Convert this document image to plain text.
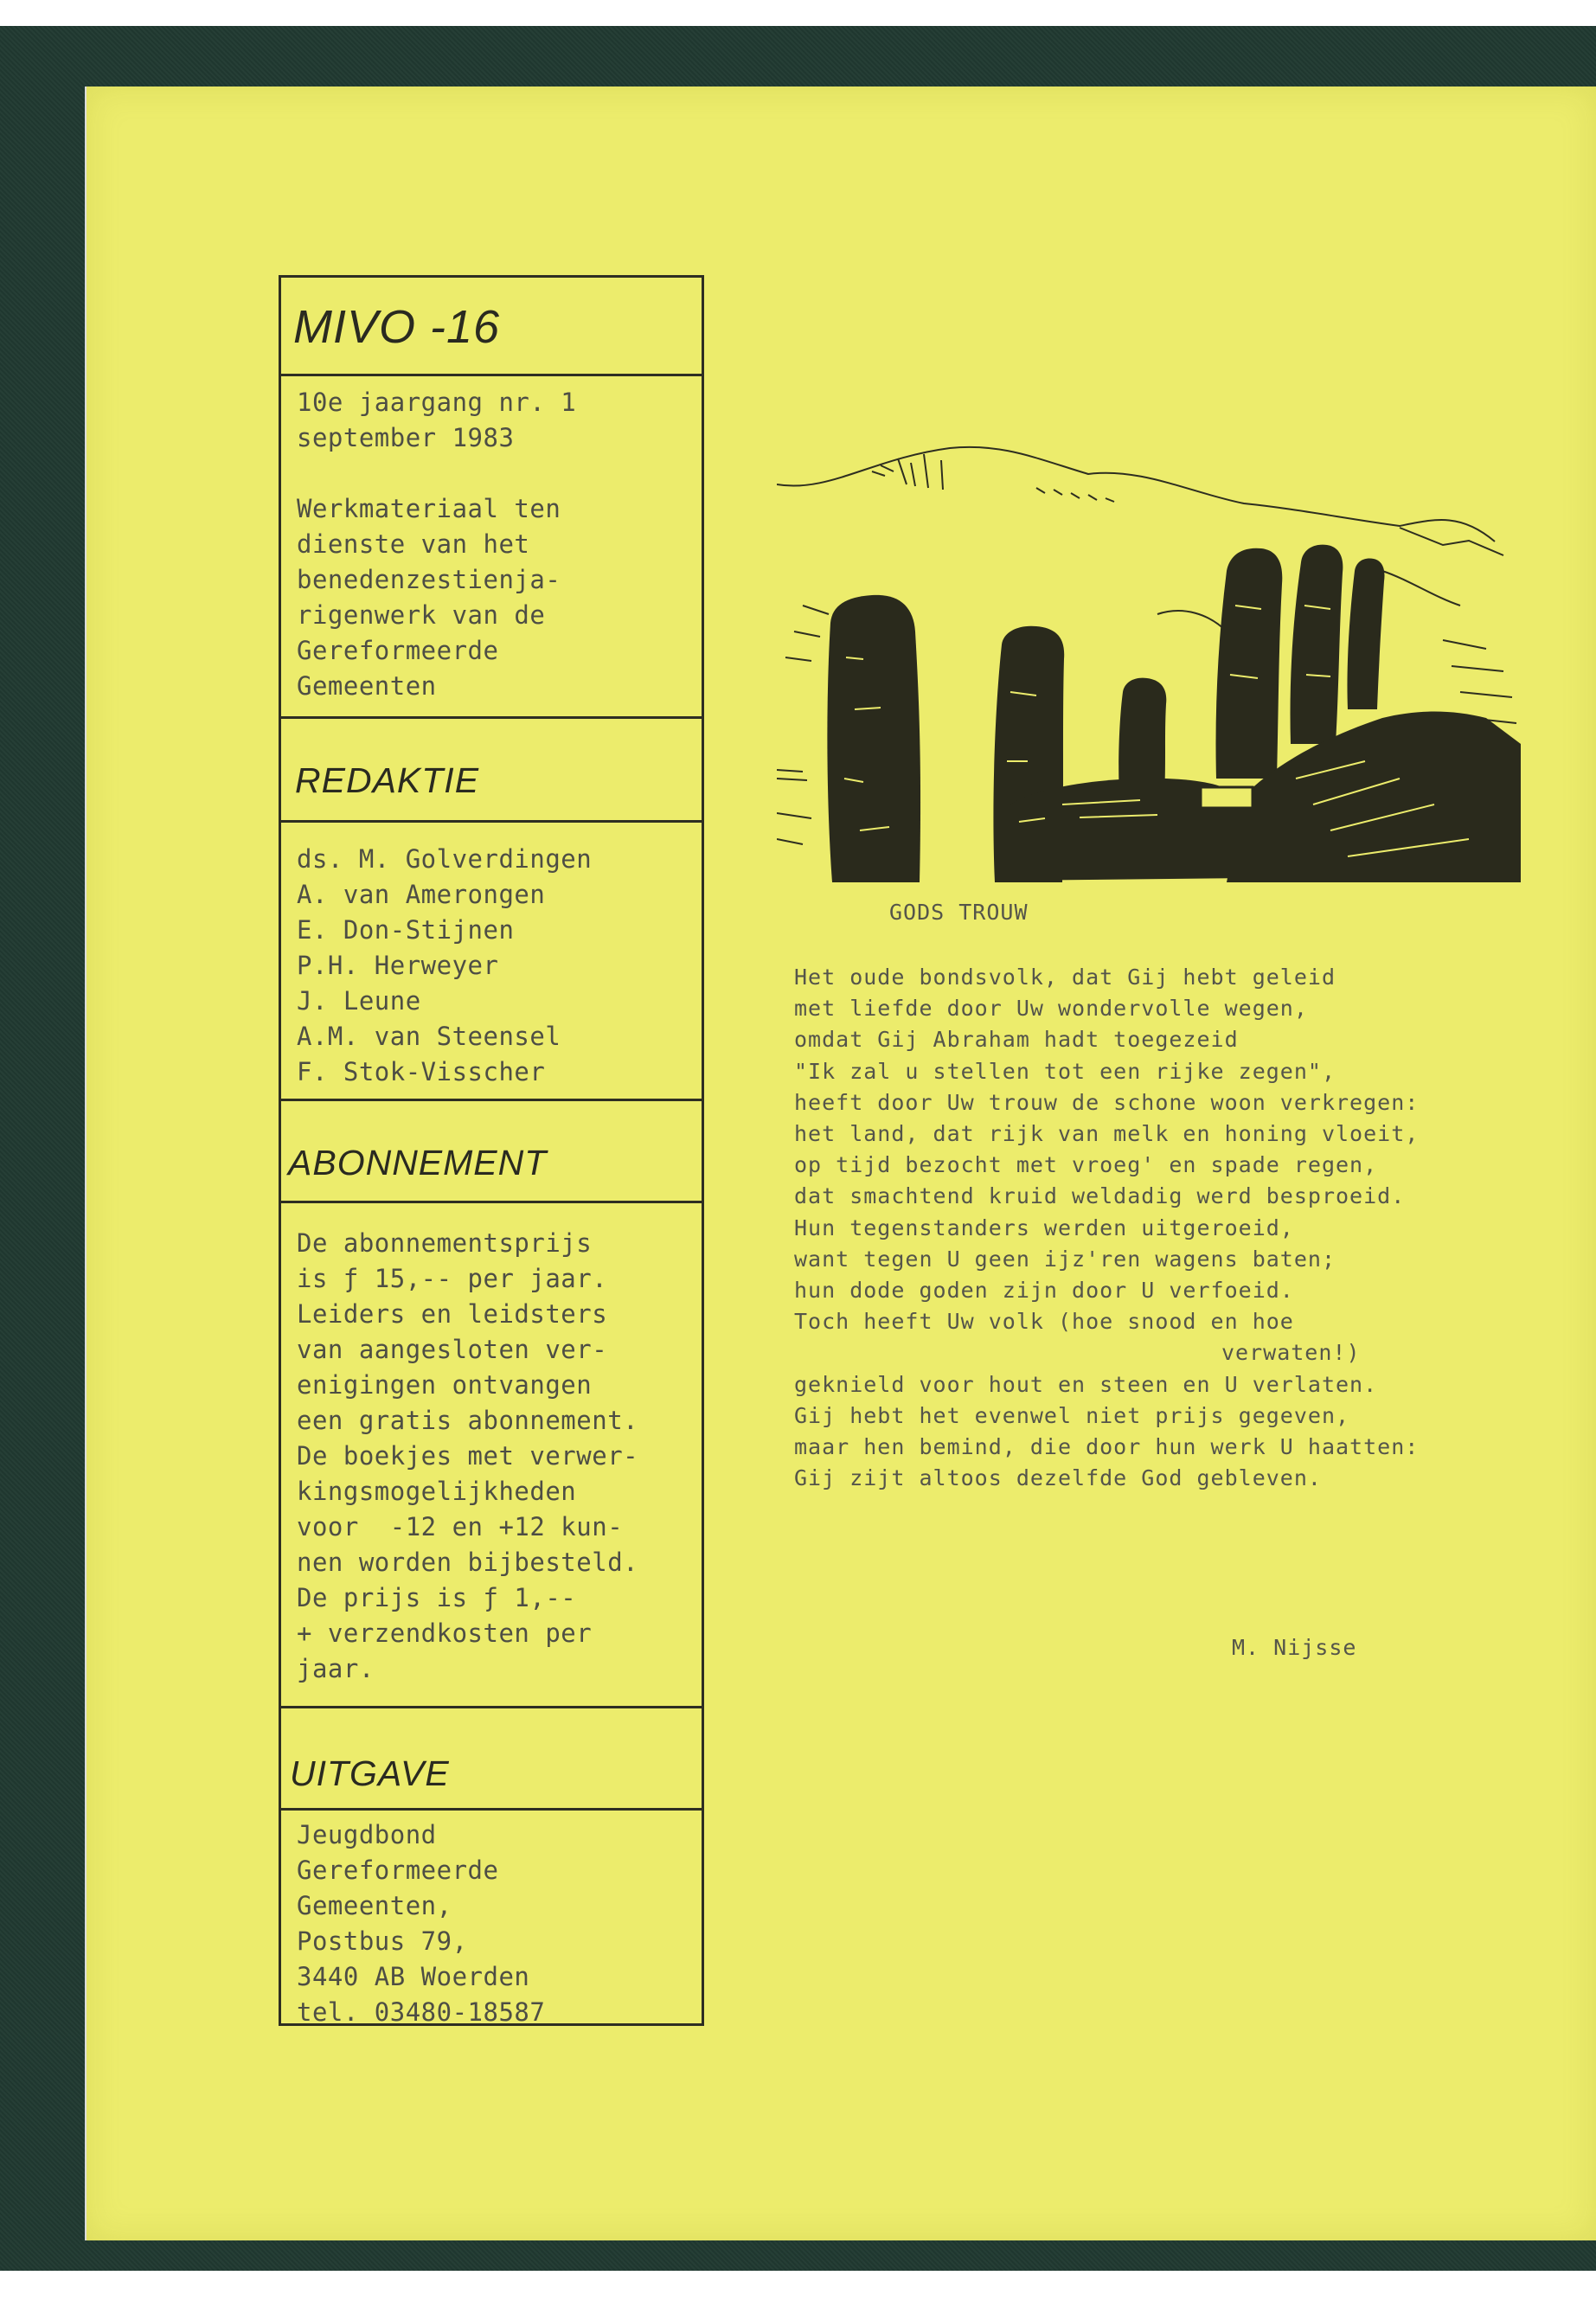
MIVO -16
10e jaargang nr. 1
september 1983
Werkmateriaal ten
dienste van het
benedenzestienja-
rigenwerk van de
Gereformeerde
Gemeenten
REDAKTIE
ds. M. Golverdingen
A. van Amerongen
E. Don-Stijnen
P.H. Herweyer
J. Leune
A.M. van Steensel
F. Stok-Visscher
ABONNEMENT
De abonnementsprijs
is ƒ 15,-- per jaar.
Leiders en leidsters
van aangesloten ver-
enigingen ontvangen
een gratis abonnement.
De boekjes met verwer-
kingsmogelijkheden
voor  -12 en +12 kun-
nen worden bijbesteld.
De prijs is ƒ 1,--
+ verzendkosten per
jaar.
UITGAVE
Jeugdbond
Gereformeerde
Gemeenten,
Postbus 79,
3440 AB Woerden
tel. 03480-18587
GODS TROUW
Het oude bondsvolk, dat Gij hebt geleid
met liefde door Uw wondervolle wegen,
omdat Gij Abraham hadt toegezeid
"Ik zal u stellen tot een rijke zegen",
heeft door Uw trouw de schone woon verkregen:
het land, dat rijk van melk en honing vloeit,
op tijd bezocht met vroeg' en spade regen,
dat smachtend kruid weldadig werd besproeid.
Hun tegenstanders werden uitgeroeid,
want tegen U geen ijz'ren wagens baten;
hun dode goden zijn door U verfoeid.
Toch heeft Uw volk (hoe snood en hoe
verwaten!)
geknield voor hout en steen en U verlaten.
Gij hebt het evenwel niet prijs gegeven,
maar hen bemind, die door hun werk U haatten:
Gij zijt altoos dezelfde God gebleven.
M. Nijsse
